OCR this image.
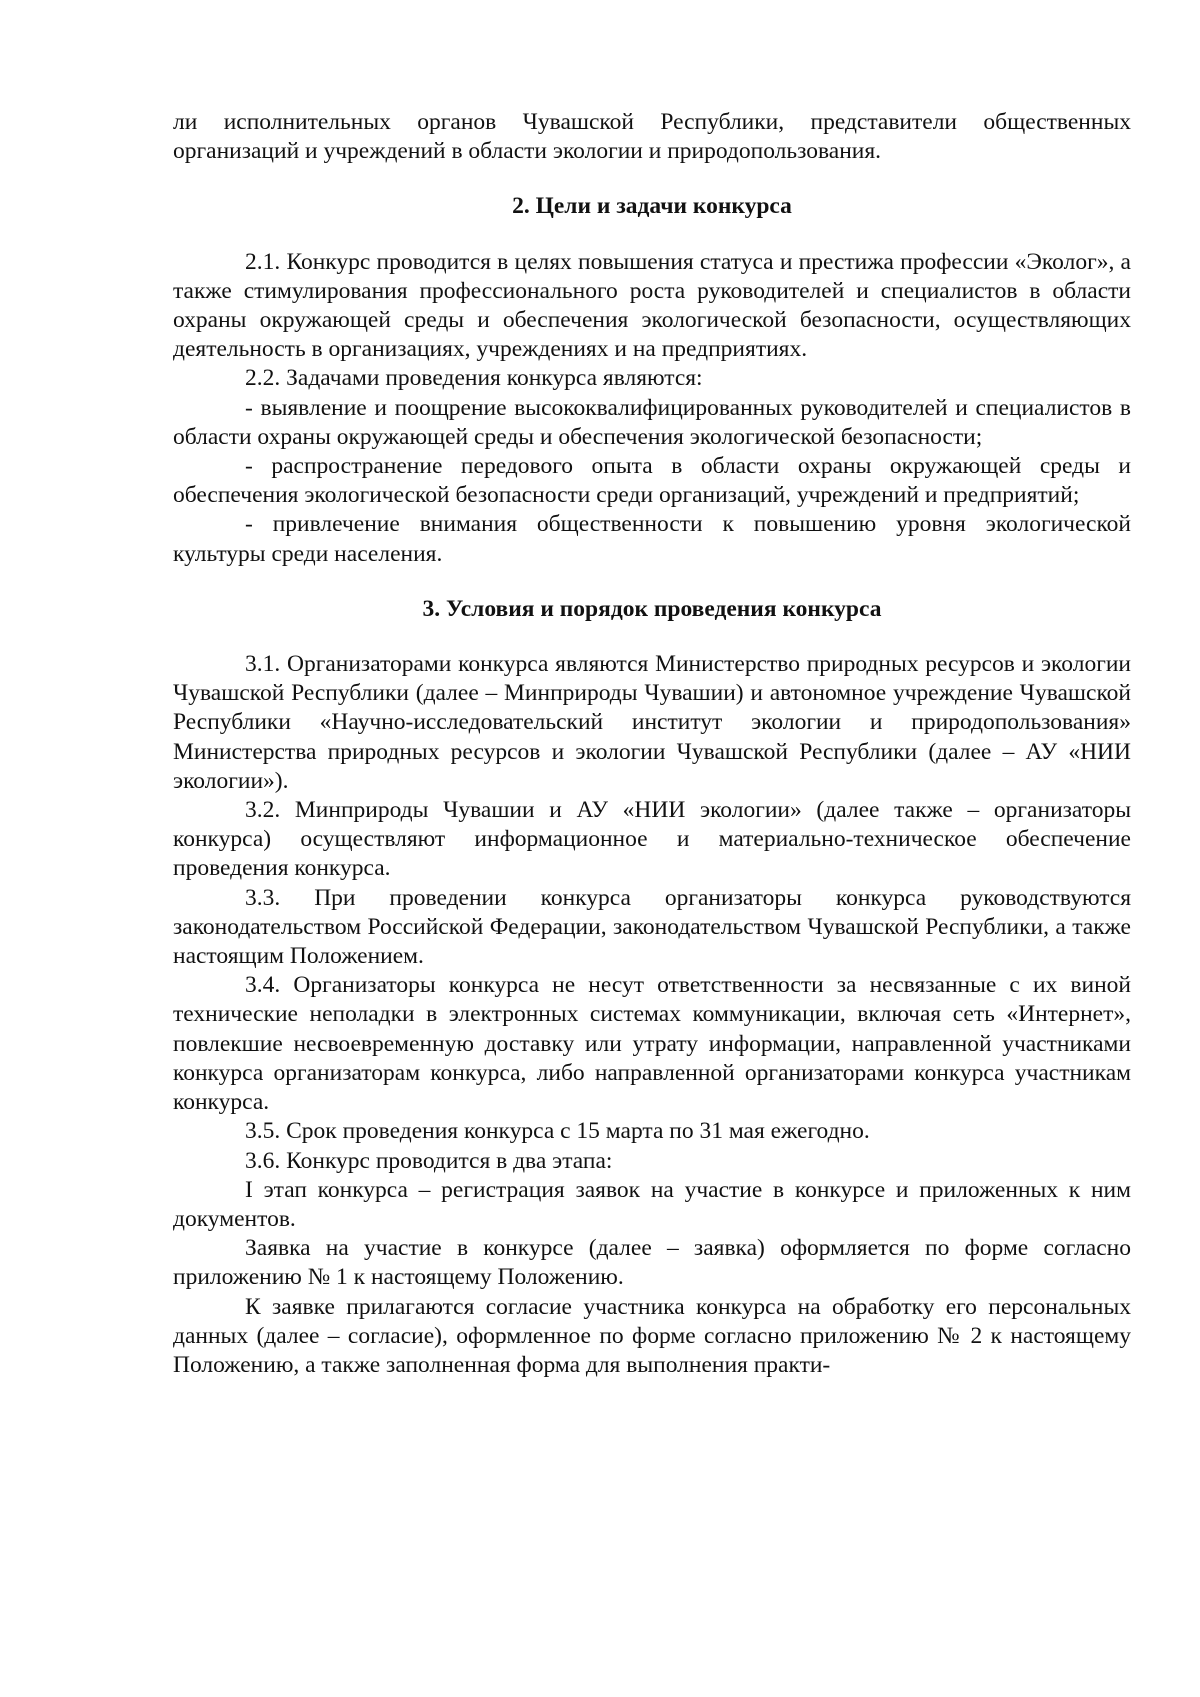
ли исполнительных органов Чувашской Республики, представители общественных организаций и учреждений в области экологии и природопользования.

2. Цели и задачи конкурса

2.1. Конкурс проводится в целях повышения статуса и престижа профессии «Эколог», а также стимулирования профессионального роста руководителей и специалистов в области охраны окружающей среды и обеспечения экологической безопасности, осуществляющих деятельность в организациях, учреждениях и на предприятиях.

2.2. Задачами проведения конкурса являются:

- выявление и поощрение высококвалифицированных руководителей и специалистов в области охраны окружающей среды и обеспечения экологической безопасности;

- распространение передового опыта в области охраны окружающей среды и обеспечения экологической безопасности среди организаций, учреждений и предприятий;

- привлечение внимания общественности к повышению уровня экологической культуры среди населения.

3. Условия и порядок проведения конкурса

3.1. Организаторами конкурса являются Министерство природных ресурсов и экологии Чувашской Республики (далее – Минприроды Чувашии) и автономное учреждение Чувашской Республики «Научно-исследовательский институт экологии и природопользования» Министерства природных ресурсов и экологии Чувашской Республики (далее – АУ «НИИ экологии»).

3.2. Минприроды Чувашии и АУ «НИИ экологии» (далее также – организаторы конкурса) осуществляют информационное и материально-техническое обеспечение проведения конкурса.

3.3. При проведении конкурса организаторы конкурса руководствуются законодательством Российской Федерации, законодательством Чувашской Республики, а также настоящим Положением.

3.4. Организаторы конкурса не несут ответственности за несвязанные с их виной технические неполадки в электронных системах коммуникации, включая сеть «Интернет», повлекшие несвоевременную доставку или утрату информации, направленной участниками конкурса организаторам конкурса, либо направленной организаторами конкурса участникам конкурса.

3.5. Срок проведения конкурса с 15 марта по 31 мая ежегодно.

3.6. Конкурс проводится в два этапа:

I этап конкурса – регистрация заявок на участие в конкурсе и приложенных к ним документов.

Заявка на участие в конкурсе (далее – заявка) оформляется по форме согласно приложению № 1 к настоящему Положению.

К заявке прилагаются согласие участника конкурса на обработку его персональных данных (далее – согласие), оформленное по форме согласно приложению № 2 к настоящему Положению, а также заполненная форма для выполнения практи-
